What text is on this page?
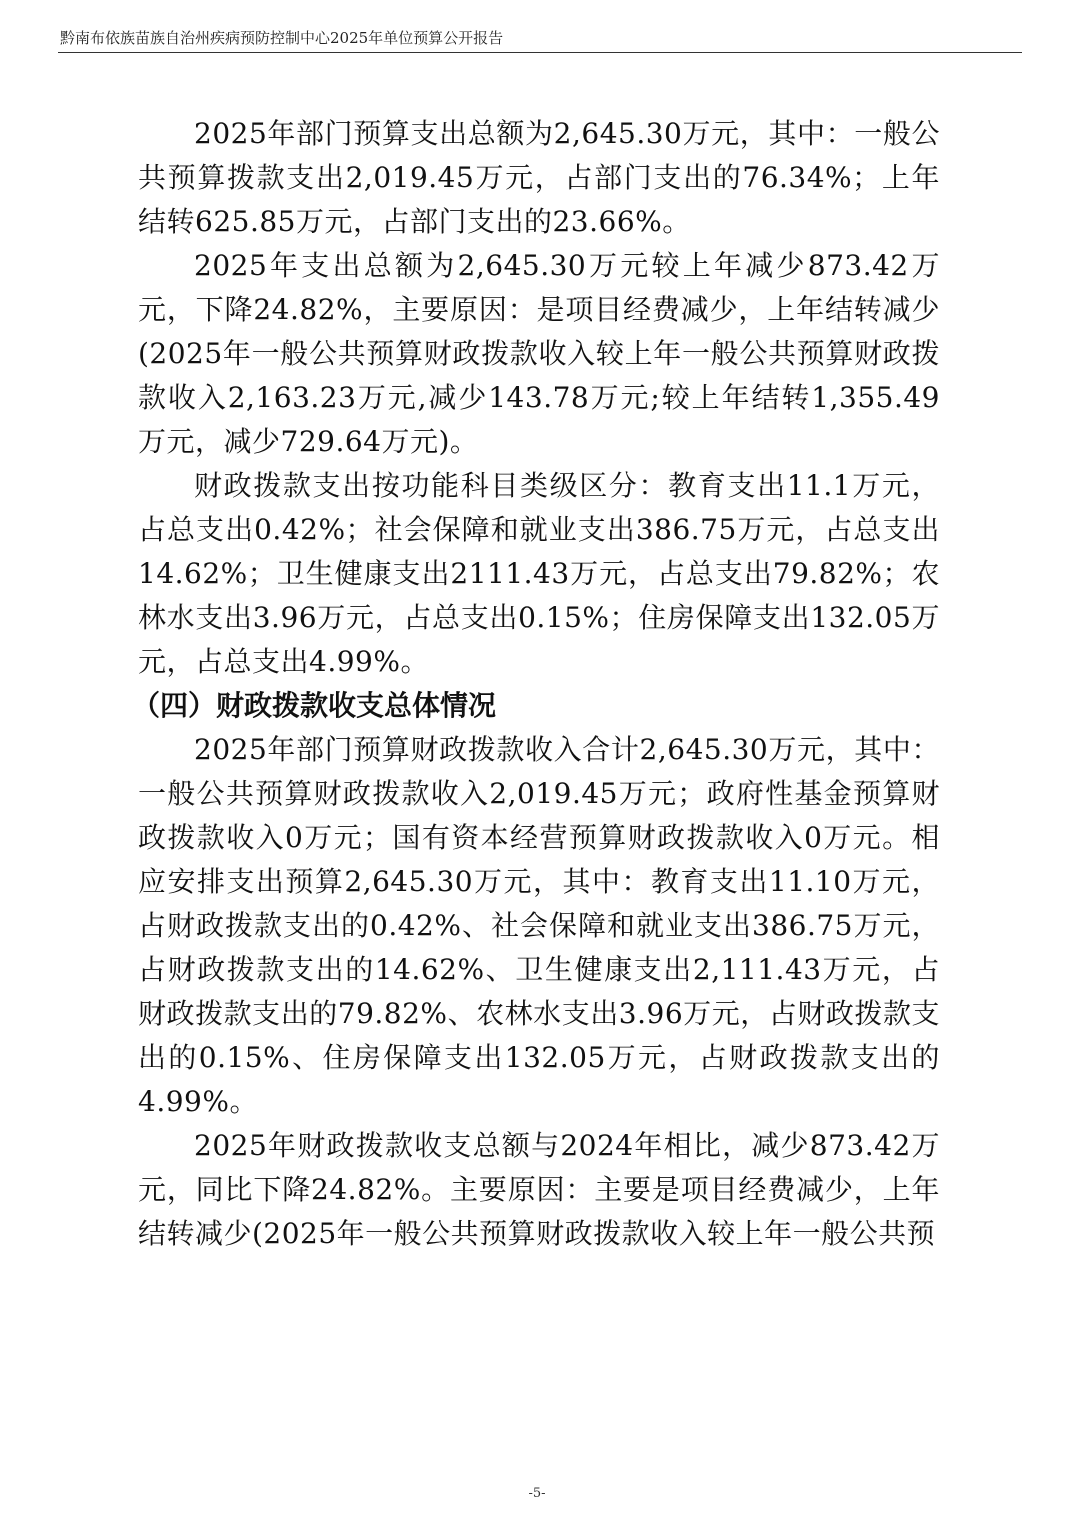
黔南布依族苗族自治州疾病预防控制中心2025年单位预算公开报告

2025年部门预算支出总额为2,645.30万元，其中：一般公共预算拨款支出2,019.45万元，占部门支出的76.34%；上年结转625.85万元，占部门支出的23.66%。

2025年支出总额为2,645.30万元较上年减少873.42万元，下降24.82%，主要原因：是项目经费减少，上年结转减少(2025年一般公共预算财政拨款收入较上年一般公共预算财政拨款收入2,163.23万元,减少143.78万元;较上年结转1,355.49万元，减少729.64万元)。

财政拨款支出按功能科目类级区分：教育支出11.1万元，占总支出0.42%；社会保障和就业支出386.75万元，占总支出14.62%；卫生健康支出2111.43万元，占总支出79.82%；农林水支出3.96万元，占总支出0.15%；住房保障支出132.05万元，占总支出4.99%。

（四）财政拨款收支总体情况

2025年部门预算财政拨款收入合计2,645.30万元，其中：一般公共预算财政拨款收入2,019.45万元；政府性基金预算财政拨款收入0万元；国有资本经营预算财政拨款收入0万元。相应安排支出预算2,645.30万元，其中：教育支出11.10万元，占财政拨款支出的0.42%、社会保障和就业支出386.75万元，占财政拨款支出的14.62%、卫生健康支出2,111.43万元，占财政拨款支出的79.82%、农林水支出3.96万元，占财政拨款支出的0.15%、住房保障支出132.05万元，占财政拨款支出的4.99%。

2025年财政拨款收支总额与2024年相比，减少873.42万元，同比下降24.82%。主要原因：主要是项目经费减少，上年结转减少(2025年一般公共预算财政拨款收入较上年一般公共预

-5-
